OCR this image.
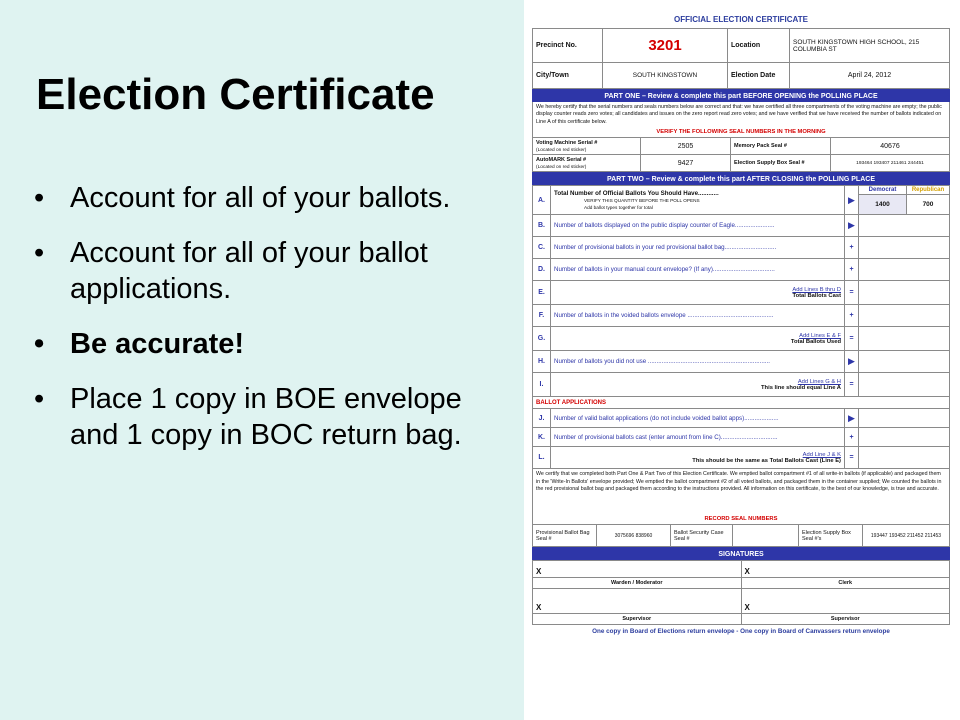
Election Certificate
• Account for all of your ballots.
• Account for all of your ballot applications.
• Be accurate!
• Place 1 copy in BOE envelope and 1 copy in BOC return bag.
OFFICIAL ELECTION CERTIFICATE
Precinct No.	3201	Location	SOUTH KINGSTOWN HIGH SCHOOL, 215 COLUMBIA ST
City/Town	SOUTH KINGSTOWN	Election Date	April 24, 2012
PART ONE – Review & complete this part BEFORE OPENING the POLLING PLACE
We hereby certify that the serial numbers and seals numbers below are correct and that: we have certified all three compartments of the voting machine are empty; the public display counter reads zero votes; all candidates and issues on the zero report read zero votes; and we have verified that we have received the number of ballots indicated on Line A of this certificate below.
VERIFY THE FOLLOWING SEAL NUMBERS IN THE MORNING
Voting Machine Serial #
(Located on red sticker)	2505	Memory Pack Seal #	40676
AutoMARK Serial #
(Located on red sticker)	9427	Election Supply Box Seal #	193464 193407 211461 244451
PART TWO – Review & complete this part AFTER CLOSING the POLLING PLACE
A.	Total Number of Official Ballots You Should Have............
VERIFY THIS QUANTITY BEFORE THE POLL OPENS
Add ballot types together for total	▶	Democrat	Republican
			1400	700
B.	Number of ballots displayed on the public display counter of Eagle.......................	▶		
C.	Number of provisional ballots in your red provisional ballot bag..............................	+		
D.	Number of ballots in your manual count envelope? (If any)....................................	+		
E.	Add Lines B thru D
Total Ballots Cast	=		
F.	Number of ballots in the voided ballots envelope ..................................................	+		
G.	Add Lines E & F
Total Ballots Used	=		
H.	Number of ballots you did not use .......................................................................	▶		
I.	Add Lines G & H
This line should equal Line A	=		
BALLOT APPLICATIONS				
J.	Number of valid ballot applications (do not include voided ballot apps)....................	▶		
K.	Number of provisional ballots cast (enter amount from line C).................................	+		
L.	Add Line J & K
This should be the same as Total Ballots Cast (Line E)	=		
We certify that we completed both Part One & Part Two of this Election Certificate. We emptied ballot compartment #1 of all write-in ballots (if applicable) and packaged them in the 'Write-In Ballots' envelope provided; We emptied the ballot compartment #2 of all voted ballots, and packaged them in the container supplied; We counted the ballots in the red provisional ballot bag and packaged them according to the instructions provided. All information on this certificate, to the best of our knowledge, is true and accurate.
RECORD SEAL NUMBERS
Provisional Ballot Bag Seal #	3075696 838960	Ballot Security Case Seal #		Election Supply Box Seal #'s	193447 193452 211452 211453
SIGNATURES
X	X
Warden / Moderator	Clerk
X	X
Supervisor	Supervisor
One copy in Board of Elections return envelope - One copy in Board of Canvassers return envelope
